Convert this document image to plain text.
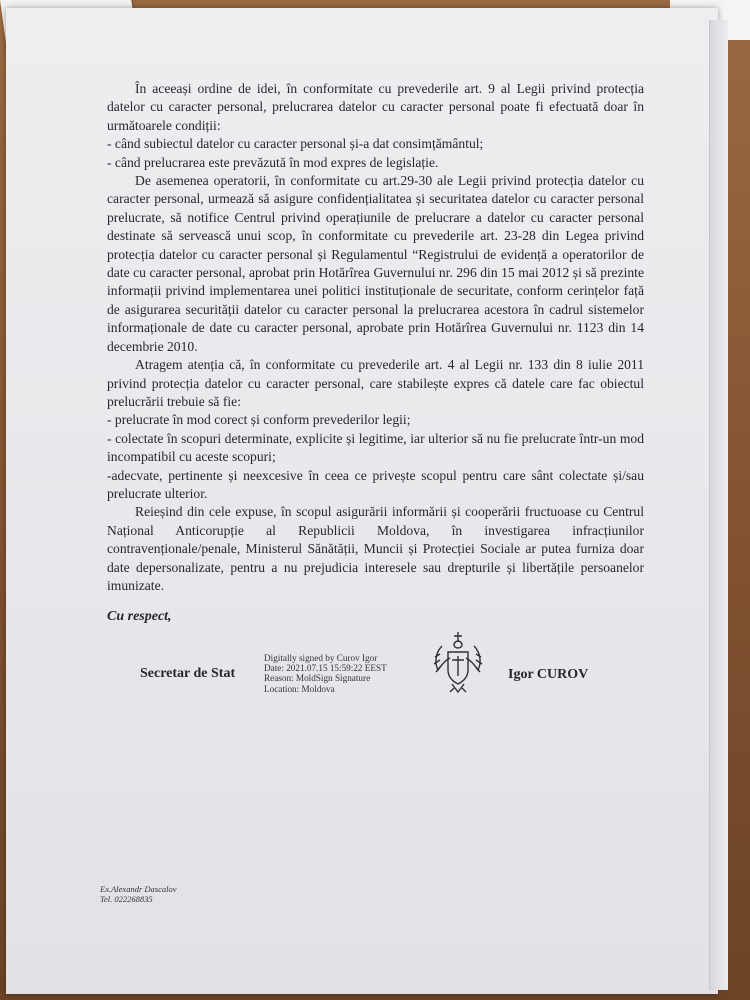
În aceeași ordine de idei, în conformitate cu prevederile art. 9 al Legii privind protecția datelor cu caracter personal, prelucrarea datelor cu caracter personal poate fi efectuată doar în următoarele condiții:

- când subiectul datelor cu caracter personal și-a dat consimțământul;

- când prelucrarea este prevăzută în mod expres de legislație.

De asemenea operatorii, în conformitate cu art.29-30 ale Legii privind protecția datelor cu caracter personal, urmează să asigure confidențialitatea și securitatea datelor cu caracter personal prelucrate, să notifice Centrul privind operațiunile de prelucrare a datelor cu caracter personal destinate să servească unui scop, în conformitate cu prevederile art. 23-28 din Legea privind protecția datelor cu caracter personal și Regulamentul “Registrului de evidență a operatorilor de date cu caracter personal, aprobat prin Hotărîrea Guvernului nr. 296 din 15 mai 2012 și să prezinte informații privind implementarea unei politici instituționale de securitate, conform cerințelor față de asigurarea securității datelor cu caracter personal la prelucrarea acestora în cadrul sistemelor informaționale de date cu caracter personal, aprobate prin Hotărîrea Guvernului nr. 1123 din 14 decembrie 2010.

Atragem atenția că, în conformitate cu prevederile art. 4 al Legii nr. 133 din 8 iulie 2011 privind protecția datelor cu caracter personal, care stabilește expres că datele care fac obiectul prelucrării trebuie să fie:

- prelucrate în mod corect și conform prevederilor legii;

- colectate în scopuri determinate, explicite și legitime, iar ulterior să nu fie prelucrate într-un mod incompatibil cu aceste scopuri;

-adecvate, pertinente și neexcesive în ceea ce privește scopul pentru care sânt colectate și/sau prelucrate ulterior.

Reieșind din cele expuse, în scopul asigurării informării și cooperării fructuoase cu Centrul Național Anticorupție al Republicii Moldova, în investigarea infracțiunilor contravenționale/penale, Ministerul Sănătății, Muncii și Protecției Sociale ar putea furniza doar date depersonalizate, pentru a nu prejudicia interesele sau drepturile și libertățile persoanelor imunizate.

Cu respect,
Secretar de Stat
Digitally signed by Curov Igor
Date: 2021.07.15 15:59:22 EEST
Reason: MoldSign Signature
Location: Moldova
Igor CUROV
Ex.Alexandr Dascalov
Tel. 022268835
